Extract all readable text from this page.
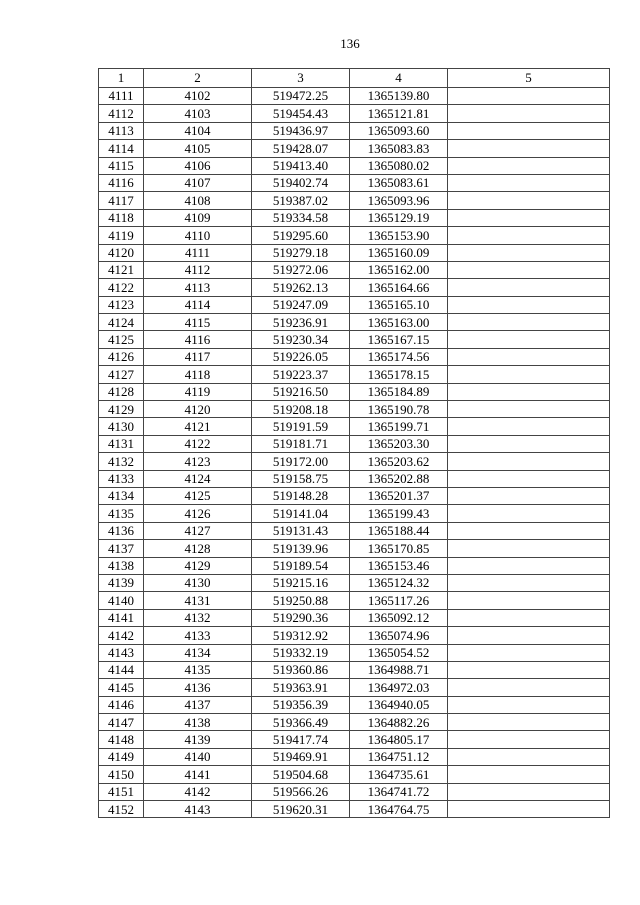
136
1	2	3	4	5
4111	4102	519472.25	1365139.80	
4112	4103	519454.43	1365121.81	
4113	4104	519436.97	1365093.60	
4114	4105	519428.07	1365083.83	
4115	4106	519413.40	1365080.02	
4116	4107	519402.74	1365083.61	
4117	4108	519387.02	1365093.96	
4118	4109	519334.58	1365129.19	
4119	4110	519295.60	1365153.90	
4120	4111	519279.18	1365160.09	
4121	4112	519272.06	1365162.00	
4122	4113	519262.13	1365164.66	
4123	4114	519247.09	1365165.10	
4124	4115	519236.91	1365163.00	
4125	4116	519230.34	1365167.15	
4126	4117	519226.05	1365174.56	
4127	4118	519223.37	1365178.15	
4128	4119	519216.50	1365184.89	
4129	4120	519208.18	1365190.78	
4130	4121	519191.59	1365199.71	
4131	4122	519181.71	1365203.30	
4132	4123	519172.00	1365203.62	
4133	4124	519158.75	1365202.88	
4134	4125	519148.28	1365201.37	
4135	4126	519141.04	1365199.43	
4136	4127	519131.43	1365188.44	
4137	4128	519139.96	1365170.85	
4138	4129	519189.54	1365153.46	
4139	4130	519215.16	1365124.32	
4140	4131	519250.88	1365117.26	
4141	4132	519290.36	1365092.12	
4142	4133	519312.92	1365074.96	
4143	4134	519332.19	1365054.52	
4144	4135	519360.86	1364988.71	
4145	4136	519363.91	1364972.03	
4146	4137	519356.39	1364940.05	
4147	4138	519366.49	1364882.26	
4148	4139	519417.74	1364805.17	
4149	4140	519469.91	1364751.12	
4150	4141	519504.68	1364735.61	
4151	4142	519566.26	1364741.72	
4152	4143	519620.31	1364764.75	
